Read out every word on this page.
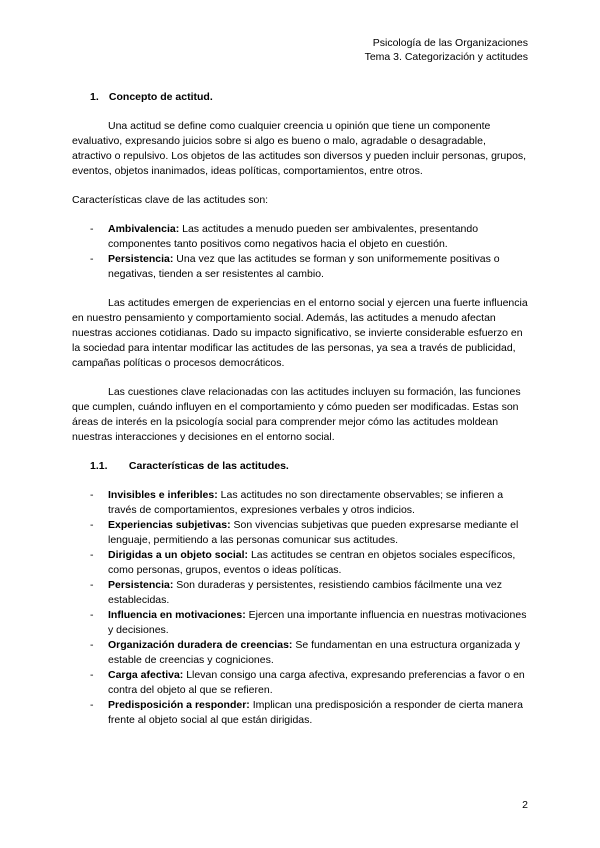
Psicología de las Organizaciones
Tema 3. Categorización y actitudes
1. Concepto de actitud.

Una actitud se define como cualquier creencia u opinión que tiene un componente evaluativo, expresando juicios sobre si algo es bueno o malo, agradable o desagradable, atractivo o repulsivo. Los objetos de las actitudes son diversos y pueden incluir personas, grupos, eventos, objetos inanimados, ideas políticas, comportamientos, entre otros.

Características clave de las actitudes son:

- Ambivalencia: Las actitudes a menudo pueden ser ambivalentes, presentando componentes tanto positivos como negativos hacia el objeto en cuestión.
- Persistencia: Una vez que las actitudes se forman y son uniformemente positivas o negativas, tienden a ser resistentes al cambio.

Las actitudes emergen de experiencias en el entorno social y ejercen una fuerte influencia en nuestro pensamiento y comportamiento social. Además, las actitudes a menudo afectan nuestras acciones cotidianas. Dado su impacto significativo, se invierte considerable esfuerzo en la sociedad para intentar modificar las actitudes de las personas, ya sea a través de publicidad, campañas políticas o procesos democráticos.

Las cuestiones clave relacionadas con las actitudes incluyen su formación, las funciones que cumplen, cuándo influyen en el comportamiento y cómo pueden ser modificadas. Estas son áreas de interés en la psicología social para comprender mejor cómo las actitudes moldean nuestras interacciones y decisiones en el entorno social.

1.1. Características de las actitudes.
- Invisibles e inferibles: Las actitudes no son directamente observables; se infieren a través de comportamientos, expresiones verbales y otros indicios.
- Experiencias subjetivas: Son vivencias subjetivas que pueden expresarse mediante el lenguaje, permitiendo a las personas comunicar sus actitudes.
- Dirigidas a un objeto social: Las actitudes se centran en objetos sociales específicos, como personas, grupos, eventos o ideas políticas.
- Persistencia: Son duraderas y persistentes, resistiendo cambios fácilmente una vez establecidas.
- Influencia en motivaciones: Ejercen una importante influencia en nuestras motivaciones y decisiones.
- Organización duradera de creencias: Se fundamentan en una estructura organizada y estable de creencias y cogniciones.
- Carga afectiva: Llevan consigo una carga afectiva, expresando preferencias a favor o en contra del objeto al que se refieren.
- Predisposición a responder: Implican una predisposición a responder de cierta manera frente al objeto social al que están dirigidas.
2
